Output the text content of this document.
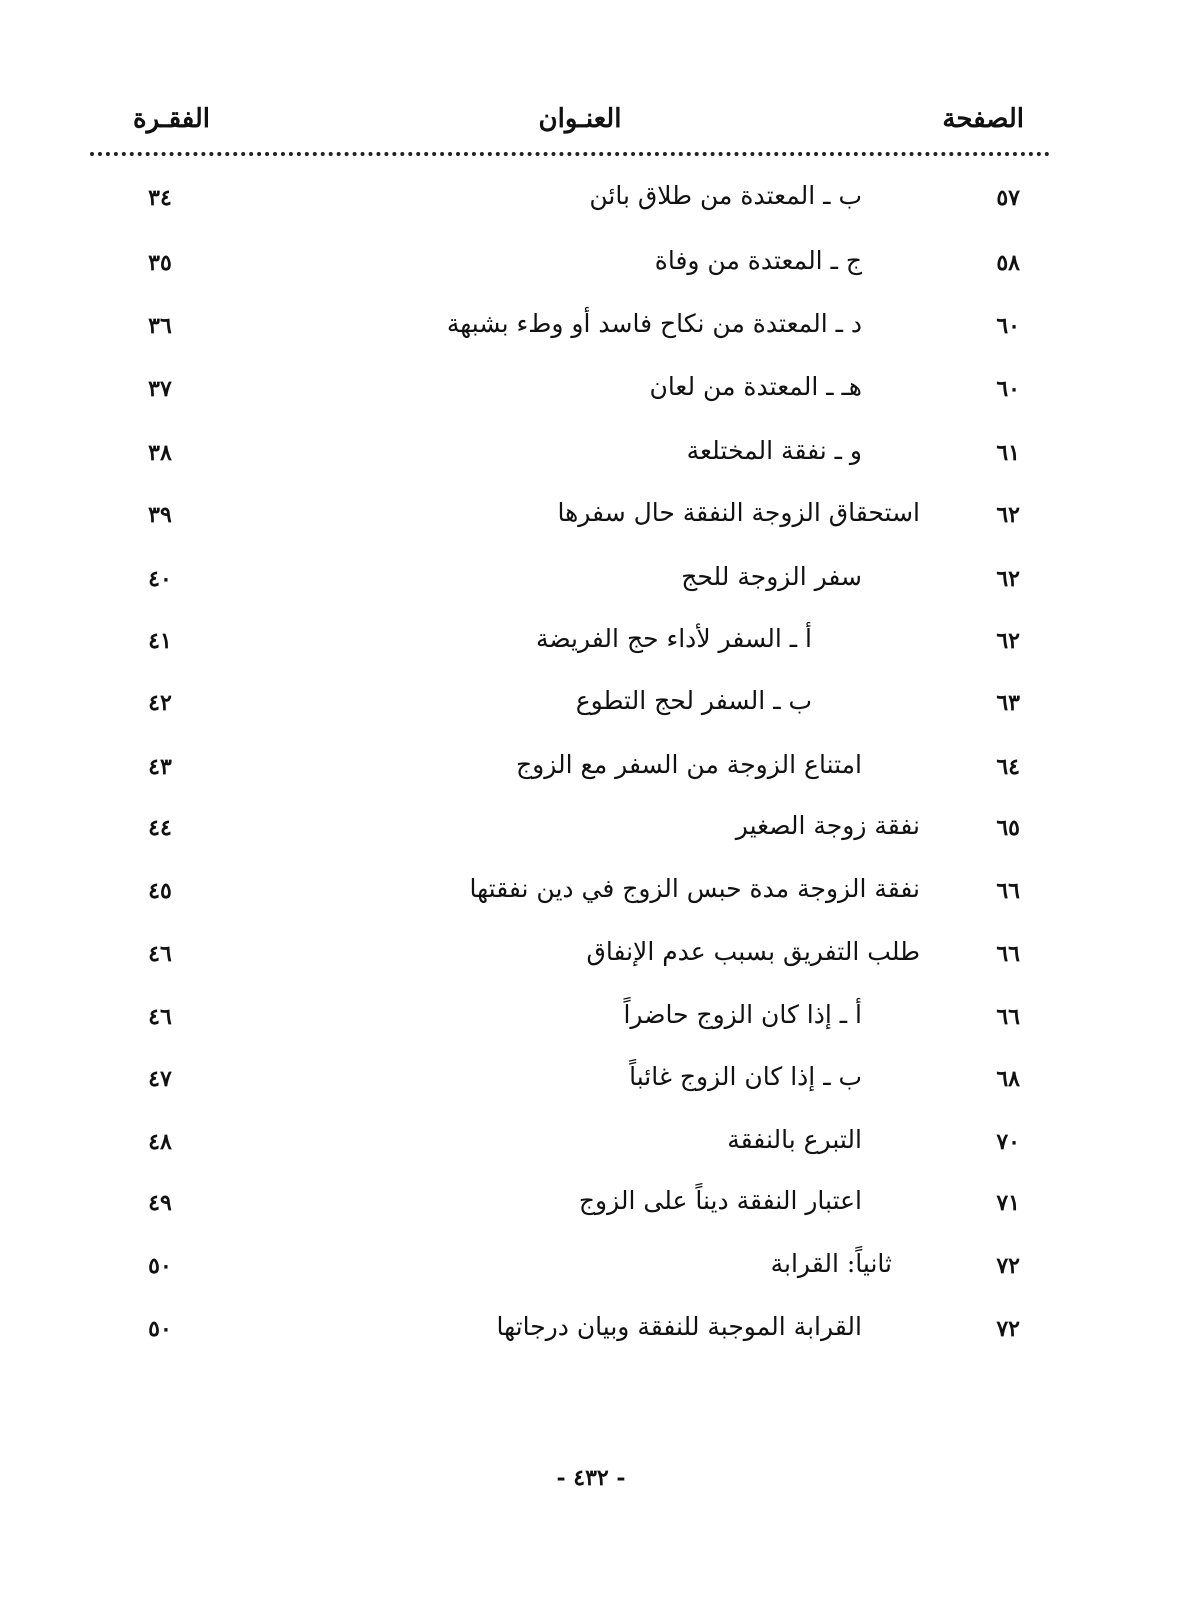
الصفحة
العنـوان
الفقـرة
٥٧
ب ـ المعتدة من طلاق بائن
٣٤
٥٨
ج ـ المعتدة من وفاة
٣٥
٦٠
د ـ المعتدة من نكاح فاسد أو وطء بشبهة
٣٦
٦٠
هـ ـ المعتدة من لعان
٣٧
٦١
و ـ نفقة المختلعة
٣٨
٦٢
استحقاق الزوجة النفقة حال سفرها
٣٩
٦٢
سفر الزوجة للحج
٤٠
٦٢
أ ـ السفر لأداء حج الفريضة
٤١
٦٣
ب ـ السفر لحج التطوع
٤٢
٦٤
امتناع الزوجة من السفر مع الزوج
٤٣
٦٥
نفقة زوجة الصغير
٤٤
٦٦
نفقة الزوجة مدة حبس الزوج في دين نفقتها
٤٥
٦٦
طلب التفريق بسبب عدم الإنفاق
٤٦
٦٦
أ ـ إذا كان الزوج حاضراً
٤٦
٦٨
ب ـ إذا كان الزوج غائباً
٤٧
٧٠
التبرع بالنفقة
٤٨
٧١
اعتبار النفقة ديناً على الزوج
٤٩
٧٢
ثانياً: القرابة
٥٠
٧٢
القرابة الموجبة للنفقة وبيان درجاتها
٥٠
- ٤٣٢ -
